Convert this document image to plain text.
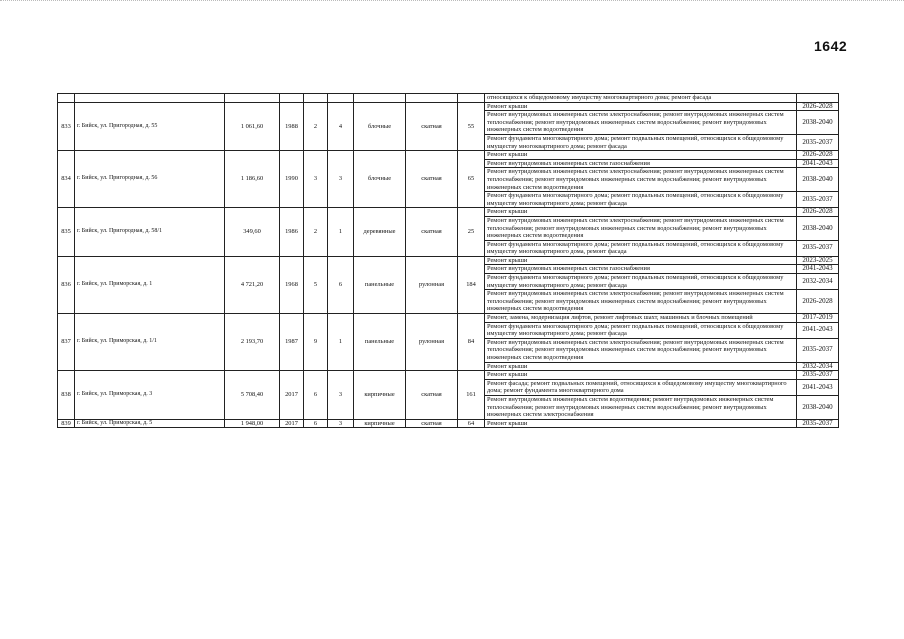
1642
									относящихся к общедомовому имуществу многоквартирного дома; ремонт фасада	
833	г. Бийск, ул. Пригородная, д. 55	1 061,60	1988	2	4	блочные	скатная	55	Ремонт крыши	2026-2028
									Ремонт внутридомовых инженерных систем электроснабжения; ремонт внутридомовых инженерных систем теплоснабжения; ремонт внутридомовых инженерных систем водоснабжения; ремонт внутридомовых инженерных систем водоотведения	2038-2040
									Ремонт фундамента многоквартирного дома; ремонт подвальных помещений, относящихся к общедомовому имуществу многоквартирного дома; ремонт фасада	2035-2037
834	г. Бийск, ул. Пригородная, д. 56	1 186,60	1990	3	3	блочные	скатная	65	Ремонт крыши	2026-2028
									Ремонт внутридомовых инженерных систем газоснабжения	2041-2043
									Ремонт внутридомовых инженерных систем электроснабжения; ремонт внутридомовых инженерных систем теплоснабжения; ремонт внутридомовых инженерных систем водоснабжения; ремонт внутридомовых инженерных систем водоотведения	2038-2040
									Ремонт фундамента многоквартирного дома; ремонт подвальных помещений, относящихся к общедомовому имуществу многоквартирного дома; ремонт фасада	2035-2037
835	г. Бийск, ул. Пригородная, д. 58/1	349,60	1986	2	1	деревянные	скатная	25	Ремонт крыши	2026-2028
									Ремонт внутридомовых инженерных систем электроснабжения; ремонт внутридомовых инженерных систем теплоснабжения; ремонт внутридомовых инженерных систем водоснабжения; ремонт внутридомовых инженерных систем водоотведения	2038-2040
									Ремонт фундамента многоквартирного дома; ремонт подвальных помещений, относящихся к общедомовому имуществу многоквартирного дома, ремонт фасада	2035-2037
836	г. Бийск, ул. Приморская, д. 1	4 721,20	1968	5	6	панельные	рулонная	184	Ремонт крыши	2023-2025
									Ремонт внутридомовых инженерных систем газоснабжения	2041-2043
									Ремонт фундамента многоквартирного дома; ремонт подвальных помещений, относящихся к общедомовому имуществу многоквартирного дома; ремонт фасада	2032-2034
									Ремонт внутридомовых инженерных систем электроснабжения; ремонт внутридомовых инженерных систем теплоснабжения; ремонт внутридомовых инженерных систем водоснабжения; ремонт внутридомовых инженерных систем водоотведения	2026-2028
837	г. Бийск, ул. Приморская, д. 1/1	2 193,70	1987	9	1	панельные	рулонная	84	Ремонт, замена, модернизация лифтов, ремонт лифтовых шахт, машинных и блочных помещений	2017-2019
									Ремонт фундамента многоквартирного дома; ремонт подвальных помещений, относящихся к общедомовому имуществу многоквартирного дома; ремонт фасада	2041-2043
									Ремонт внутридомовых инженерных систем электроснабжения; ремонт внутридомовых инженерных систем теплоснабжения; ремонт внутридомовых инженерных систем водоснабжения; ремонт внутридомовых инженерных систем водоотведения	2035-2037
									Ремонт крыши	2032-2034
838	г. Бийск, ул. Приморская, д. 3	5 708,40	2017	6	3	кирпичные	скатная	161	Ремонт крыши	2035-2037
									Ремонт фасада; ремонт подвальных помещений, относящихся к общедомовому имуществу многоквартирного дома; ремонт фундамента многоквартирного дома	2041-2043
									Ремонт внутридомовых инженерных систем водоотведения; ремонт внутридомовых инженерных систем теплоснабжения; ремонт внутридомовых инженерных систем водоснабжения; ремонт внутридомовых инженерных систем электроснабжения	2038-2040
839	г. Бийск, ул. Приморская, д. 5	1 948,00	2017	6	3	кирпичные	скатная	64	Ремонт крыши	2035-2037
